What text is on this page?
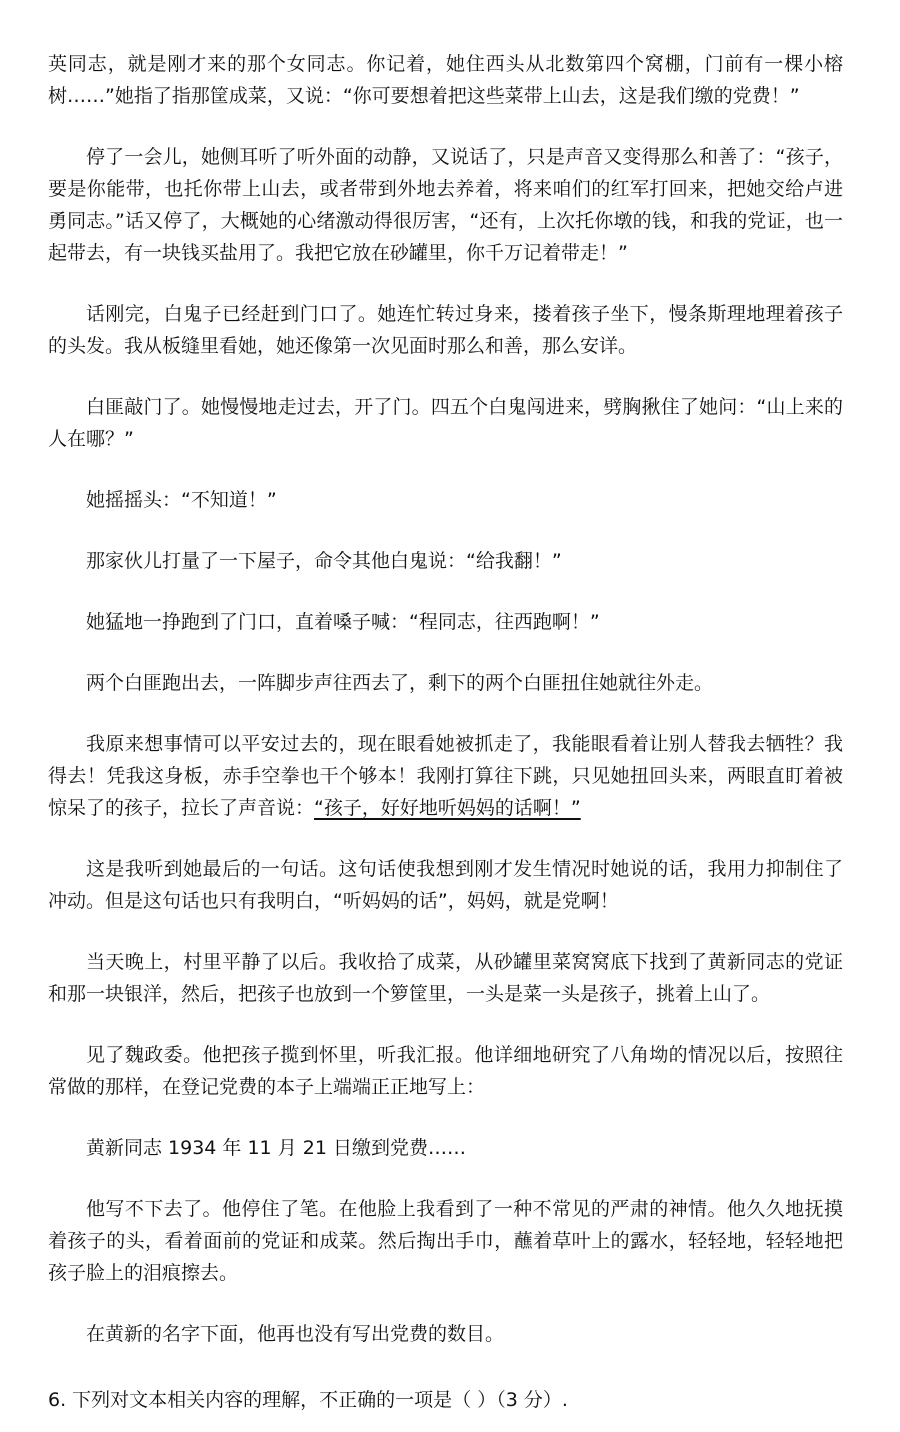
英同志，就是刚才来的那个女同志。你记着，她住西头从北数第四个窝棚，门前有一棵小榕树……”她指了指那筐成菜，又说：“你可要想着把这些菜带上山去，这是我们缴的党费！”

停了一会儿，她侧耳听了听外面的动静，又说话了，只是声音又变得那么和善了：“孩子，要是你能带，也托你带上山去，或者带到外地去养着，将来咱们的红军打回来，把她交给卢进勇同志。”话又停了，大概她的心绪激动得很厉害，“还有，上次托你墩的钱，和我的党证，也一起带去，有一块钱买盐用了。我把它放在砂罐里，你千万记着带走！”

话刚完，白鬼子已经赶到门口了。她连忙转过身来，搂着孩子坐下，慢条斯理地理着孩子的头发。我从板缝里看她，她还像第一次见面时那么和善，那么安详。

白匪敲门了。她慢慢地走过去，开了门。四五个白鬼闯进来，劈胸揪住了她问：“山上来的人在哪？”

她摇摇头：“不知道！”

那家伙儿打量了一下屋子，命令其他白鬼说：“给我翻！”

她猛地一挣跑到了门口，直着嗓子喊：“程同志，往西跑啊！”

两个白匪跑出去，一阵脚步声往西去了，剩下的两个白匪扭住她就往外走。

我原来想事情可以平安过去的，现在眼看她被抓走了，我能眼看着让别人替我去牺牲？我得去！凭我这身板，赤手空拳也干个够本！我刚打算往下跳，只见她扭回头来，两眼直盯着被惊呆了的孩子，拉长了声音说：“孩子，好好地听妈妈的话啊！”

这是我听到她最后的一句话。这句话使我想到刚才发生情况时她说的话，我用力抑制住了冲动。但是这句话也只有我明白，“听妈妈的话”，妈妈，就是党啊！

当天晚上，村里平静了以后。我收拾了成菜，从砂罐里菜窝窝底下找到了黄新同志的党证和那一块银洋，然后，把孩子也放到一个箩筐里，一头是菜一头是孩子，挑着上山了。

见了魏政委。他把孩子揽到怀里，听我汇报。他详细地研究了八角坳的情况以后，按照往常做的那样，在登记党费的本子上端端正正地写上：

黄新同志 1934 年 11 月 21 日缴到党费……

他写不下去了。他停住了笔。在他脸上我看到了一种不常见的严肃的神情。他久久地抚摸着孩子的头，看着面前的党证和成菜。然后掏出手巾，蘸着草叶上的露水，轻轻地，轻轻地把孩子脸上的泪痕擦去。

在黄新的名字下面，他再也没有写出党费的数目。

6. 下列对文本相关内容的理解，不正确的一项是（ ）（3 分）.
